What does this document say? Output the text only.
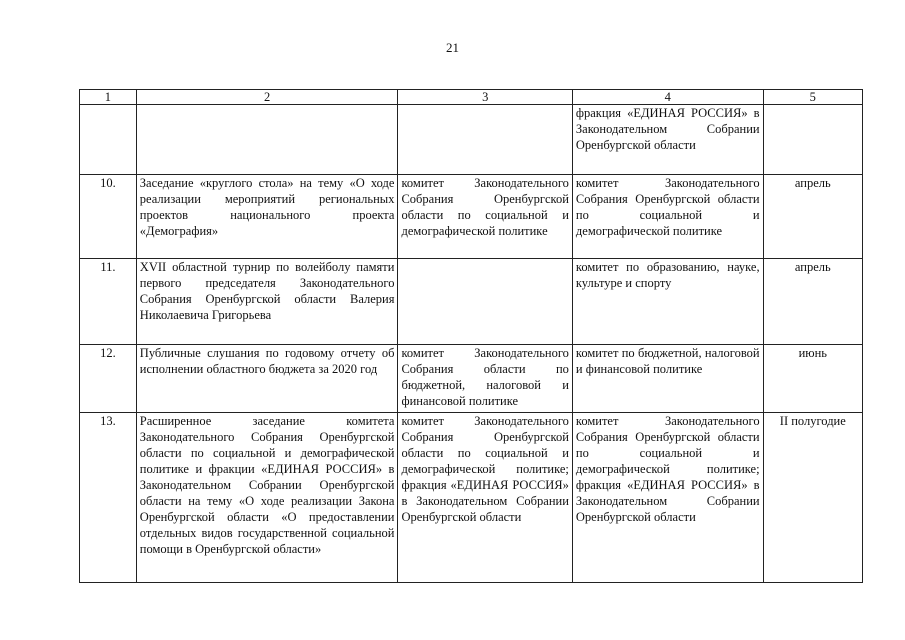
21
1	2	3	4	5
			фракция «ЕДИНАЯ РОССИЯ» в Законодательном Собрании Оренбургской области	
10.	Заседание «круглого стола» на тему «О ходе реализации мероприятий региональных проектов национального проекта «Демография»	комитет Законодательного Собрания Оренбургской области по социальной и демографической политике	комитет Законодательного Собрания Оренбургской области по социальной и демографической политике	апрель
11.	XVII областной турнир по волейболу памяти первого председателя Законодательного Собрания Оренбургской области Валерия Николаевича Григорьева		комитет по образованию, науке, культуре и спорту	апрель
12.	Публичные слушания по годовому отчету об исполнении областного бюджета за 2020 год	комитет Законодательного Собрания области по бюджетной, налоговой и финансовой политике	комитет по бюджетной, налоговой и финансовой политике	июнь
13.	Расширенное заседание комитета Законодательного Собрания Оренбургской области по социальной и демографической политике и фракции «ЕДИНАЯ РОССИЯ» в Законодательном Собрании Оренбургской области на тему «О ходе реализации Закона Оренбургской области «О предоставлении отдельных видов государственной социальной помощи в Оренбургской области»	комитет Законодательного Собрания Оренбургской области по социальной и демографической политике; фракция «ЕДИНАЯ РОССИЯ» в Законодательном Собрании Оренбургской области	комитет Законодательного Собрания Оренбургской области по социальной и демографической политике; фракция «ЕДИНАЯ РОССИЯ» в Законодательном Собрании Оренбургской области	II полугодие
